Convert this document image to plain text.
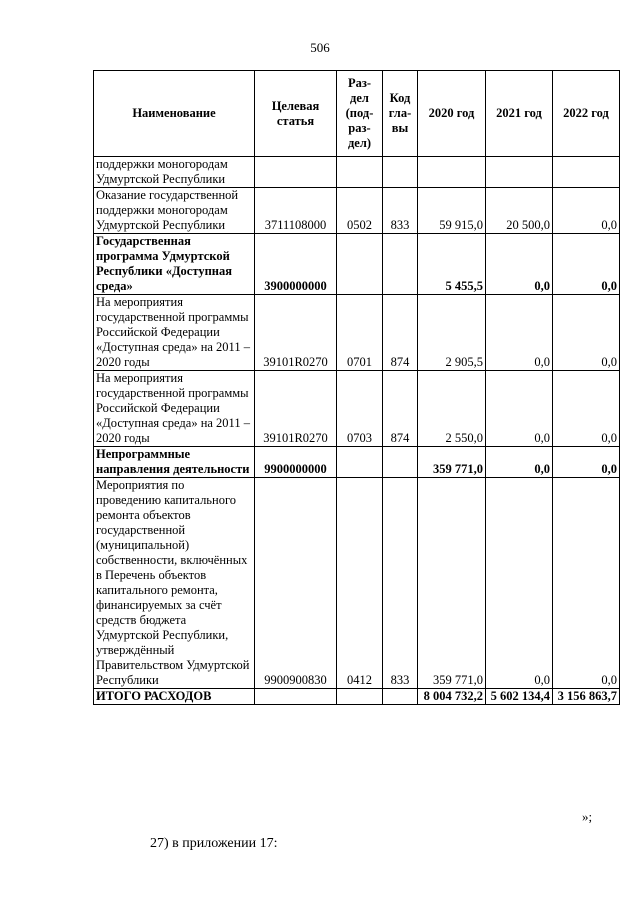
506
Наименование	Целевая статья	Раз-дел (под-раз-дел)	Код гла-вы	2020 год	2021 год	2022 год
поддержки моногородам Удмуртской Республики						
Оказание государственной поддержки моногородам Удмуртской Республики	3711108000	0502	833	59 915,0	20 500,0	0,0
Государственная программа Удмуртской Республики «Доступная среда»	3900000000			5 455,5	0,0	0,0
На мероприятия государственной программы Российской Федерации «Доступная среда» на 2011 – 2020 годы	39101R0270	0701	874	2 905,5	0,0	0,0
На мероприятия государственной программы Российской Федерации «Доступная среда» на 2011 – 2020 годы	39101R0270	0703	874	2 550,0	0,0	0,0
Непрограммные направления деятельности	9900000000			359 771,0	0,0	0,0
Мероприятия по проведению капитального ремонта объектов государственной (муниципальной) собственности, включённых в Перечень объектов капитального ремонта, финансируемых за счёт средств бюджета Удмуртской Республики, утверждённый Правительством Удмуртской Республики	9900900830	0412	833	359 771,0	0,0	0,0
ИТОГО РАСХОДОВ				8 004 732,2	5 602 134,4	3 156 863,7
»;
27) в приложении 17:
